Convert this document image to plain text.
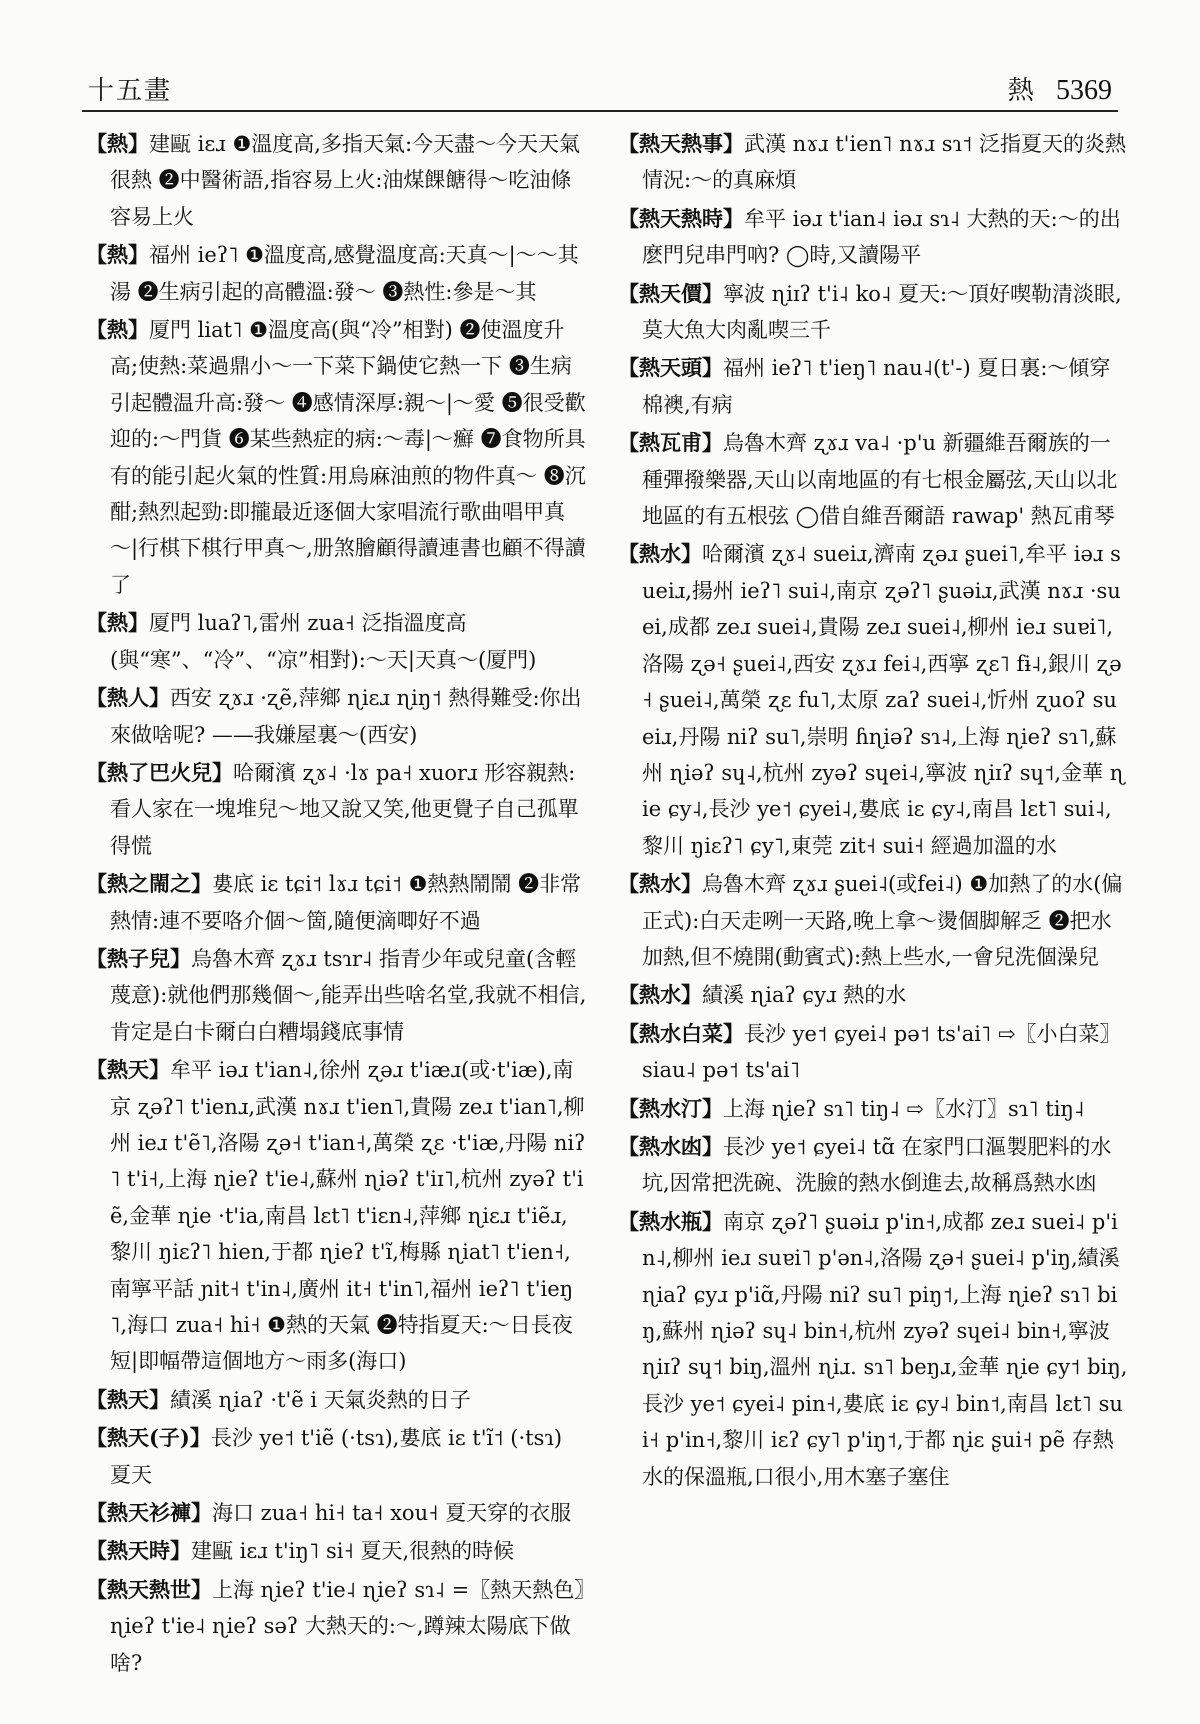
十五畫	熱 5369

【熱】建甌 iɛɹ ❶溫度高,多指天氣:今天盡～今天天氣很熱 ❷中醫術語,指容易上火:油煤餜餹得～吃油條容易上火

【熱】福州 ieʔ˥ ❶溫度高,感覺溫度高:天真～|～～其湯 ❷生病引起的高體溫:發～ ❸熱性:參是～其

【熱】厦門 liat˥ ❶溫度高(與“冷”相對) ❷使溫度升高;使熱:菜過鼎小～一下菜下鍋使它熱一下 ❸生病引起體温升高:發～ ❹感情深厚:親～|～愛 ❺很受歡迎的:～門貨 ❻某些熱症的病:～毒|～癬 ❼食物所具有的能引起火氣的性質:用烏麻油煎的物件真～ ❽沉酣;熱烈起勁:即攏最近逐個大家唱流行歌曲唱甲真～|行棋下棋行甲真～,册煞膾顧得讀連書也顧不得讀了

【熱】厦門 luaʔ˥,雷州 zua˧ 泛指溫度高(與“寒”、“冷”、“凉”相對):～天|天真～(厦門)

【熱人】西安 ʐɤɹ ·ʐẽ,萍鄉 ɳiɛɹ ɳiŋ˦ 熱得難受:你出來做啥呢? ——我嫌屋裏～(西安)

【熱了巴火兒】哈爾濱 ʐɤ˨ ·lɤ pa˧ xuorɹ 形容親熱:看人家在一塊堆兒～地又說又笑,他更覺子自己孤單得慌

【熱之閙之】婁底 iɛ tɕi˦ lɤɹ tɕi˦ ❶熱熱鬧鬧 ❷非常熱情:連不要咯介個～箇,隨便滴唧好不過

【熱子兒】烏魯木齊 ʐɤɹ tsɿr˨ 指青少年或兒童(含輕蔑意):就他們那幾個～,能弄出些啥名堂,我就不相信,肯定是白卡爾白白糟塌錢底事情

【熱天】牟平 iəɹ t'ian˨,徐州 ʐəɹ t'iæɹ(或·t'iæ),南京 ʐəʔ˥ t'ienɹ,武漢 nɤɹ t'ien˥,貴陽 zeɹ t'ian˥,柳州 ieɹ t'ẽ˥,洛陽 ʐə˧ t'ian˧,萬榮 ʐɛ ·t'iæ,丹陽 niʔ˥ t'i˧,上海 ɳieʔ t'ie˨,蘇州 ɳiəʔ t'iɪ˥,杭州 zyəʔ t'iẽ,金華 ɳie ·t'ia,南昌 lɛt˥ t'iɛn˨,萍鄉 ɳiɛɹ t'iẽɹ,黎川 ŋiɛʔ˥ hien,于都 ɳieʔ t'ĩ,梅縣 ɳiat˥ t'ien˧,南寧平話 ɲit˧ t'in˨,廣州 it˧ t'in˥,福州 ieʔ˥ t'ieŋ˥,海口 zua˧ hi˧ ❶熱的天氣 ❷特指夏天:～日長夜短|即幅帶這個地方～雨多(海口)

【熱天】績溪 ɳiaʔ ·t'ẽ i 天氣炎熱的日子

【熱天(子)】長沙 ye˦ t'iẽ (·tsɿ),婁底 iɛ t'ĩ˦ (·tsɿ) 夏天

【熱天衫褲】海口 zua˧ hi˧ ta˧ xou˧ 夏天穿的衣服

【熱天時】建甌 iɛɹ t'iŋ˥ si˧ 夏天,很熱的時候

【熱天熱世】上海 ɳieʔ t'ie˨ ɳieʔ sɿ˨ =〖熱天熱色〗ɳieʔ t'ie˨ ɳieʔ səʔ 大熱天的:～,蹲辣太陽底下做啥?

【熱天熱事】武漢 nɤɹ t'ien˥ nɤɹ sɿ˦ 泛指夏天的炎熱情況:～的真麻煩

【熱天熱時】牟平 iəɹ t'ian˨ iəɹ sɿ˨ 大熱的天:～的出麽門兒串門吶? ◯時,又讀陽平

【熱天價】寧波 ɳiɪʔ t'i˨ ko˨ 夏天:～頂好喫勒清淡眼,莫大魚大肉亂喫三千

【熱天頭】福州 ieʔ˥ t'ieŋ˥ nau˨(t'-) 夏日裏:～傾穿棉襖,有病

【熱瓦甫】烏魯木齊 ʐɤɹ va˨ ·p'u 新疆維吾爾族的一種彈撥樂器,天山以南地區的有七根金屬弦,天山以北地區的有五根弦 ◯借自維吾爾語 rawap' 熱瓦甫琴

【熱水】哈爾濱 ʐɤ˨ sueiɹ,濟南 ʐəɹ ʂuei˥,牟平 iəɹ sueiɹ,揚州 ieʔ˥ sui˨,南京 ʐəʔ˥ ʂuəiɹ,武漢 nɤɹ ·suei,成都 zeɹ suei˨,貴陽 zeɹ suei˨,柳州 ieɹ suɐi˥,洛陽 ʐə˧ ʂuei˨,西安 ʐɤɹ fei˨,西寧 ʐɛ˥ fɨ˨,銀川 ʐə˧ ʂuei˨,萬榮 ʐɛ fu˥,太原 zaʔ suei˨,忻州 ʐuoʔ sueiɹ,丹陽 niʔ su˥,崇明 ɦɳiəʔ sɿ˨,上海 ɳieʔ sɿ˥,蘇州 ɳiəʔ sɥ˨,杭州 zyəʔ sɥei˨,寧波 ɳiɪʔ sɥ˦,金華 ɳie ɕy˨,長沙 ye˦ ɕyei˨,婁底 iɛ ɕy˨,南昌 lɛt˥ sui˨,黎川 ŋiɛʔ˥ ɕy˥,東莞 zit˧ sui˧ 經過加溫的水

【熱水】烏魯木齊 ʐɤɹ ʂuei˨(或fei˨) ❶加熱了的水(偏正式):白天走咧一天路,晚上拿～燙個脚解乏 ❷把水加熱,但不燒開(動賓式):熱上些水,一會兒洗個澡兒

【熱水】績溪 ɳiaʔ ɕyɹ 熱的水

【熱水白菜】長沙 ye˦ ɕyei˨ pə˦ ts'ai˥ ⇨〖小白菜〗siau˨ pə˦ ts'ai˥

【熱水汀】上海 ɳieʔ sɿ˥ tiŋ˨ ⇨〖水汀〗sɿ˥ tiŋ˨

【熱水凼】長沙 ye˦ ɕyei˨ tɑ̃ 在家門口漚製肥料的水坑,因常把洗碗、洗臉的熱水倒進去,故稱爲熱水凼

【熱水瓶】南京 ʐəʔ˥ ʂuəiɹ p'in˧,成都 zeɹ suei˨ p'in˨,柳州 ieɹ suɐi˥ p'ən˨,洛陽 ʐə˧ ʂuei˨ p'iŋ,績溪 ɳiaʔ ɕyɹ p'iɑ̃,丹陽 niʔ su˥ piŋ˦,上海 ɳieʔ sɿ˥ biŋ,蘇州 ɳiəʔ sɥ˨ bin˧,杭州 zyəʔ sɥei˨ bin˧,寧波 ɳiɪʔ sɥ˦ biŋ,溫州 ɳiɹ. sɿ˥ beŋɹ,金華 ɳie ɕy˦ biŋ,長沙 ye˦ ɕyei˨ pin˧,婁底 iɛ ɕy˨ bin˦,南昌 lɛt˥ sui˧ p'in˧,黎川 iɛʔ ɕy˥ p'iŋ˦,于都 ɳiɛ ʂui˧ pẽ 存熱水的保溫瓶,口很小,用木塞子塞住
